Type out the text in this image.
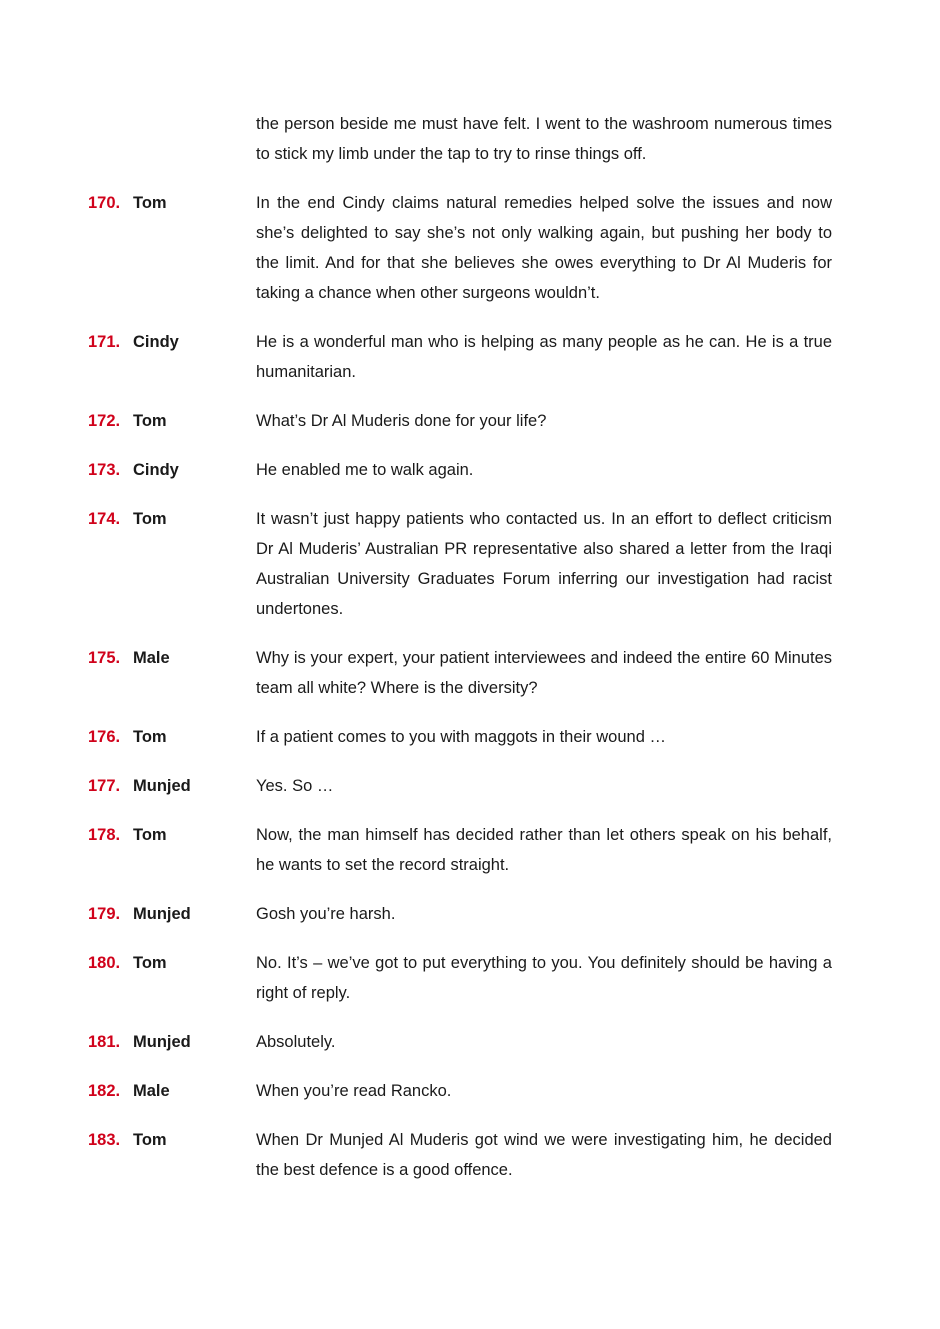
the person beside me must have felt. I went to the washroom numerous times to stick my limb under the tap to try to rinse things off.
170. Tom	In the end Cindy claims natural remedies helped solve the issues and now she’s delighted to say she’s not only walking again, but pushing her body to the limit. And for that she believes she owes everything to Dr Al Muderis for taking a chance when other surgeons wouldn’t.
171. Cindy	He is a wonderful man who is helping as many people as he can. He is a true humanitarian.
172. Tom	What’s Dr Al Muderis done for your life?
173. Cindy	He enabled me to walk again.
174. Tom	It wasn’t just happy patients who contacted us. In an effort to deflect criticism Dr Al Muderis’ Australian PR representative also shared a letter from the Iraqi Australian University Graduates Forum inferring our investigation had racist undertones.
175. Male	Why is your expert, your patient interviewees and indeed the entire 60 Minutes team all white? Where is the diversity?
176. Tom	If a patient comes to you with maggots in their wound …
177. Munjed	Yes. So …
178. Tom	Now, the man himself has decided rather than let others speak on his behalf, he wants to set the record straight.
179. Munjed	Gosh you’re harsh.
180. Tom	No. It’s – we’ve got to put everything to you. You definitely should be having a right of reply.
181. Munjed	Absolutely.
182. Male	When you’re read Rancko.
183. Tom	When Dr Munjed Al Muderis got wind we were investigating him, he decided the best defence is a good offence.
